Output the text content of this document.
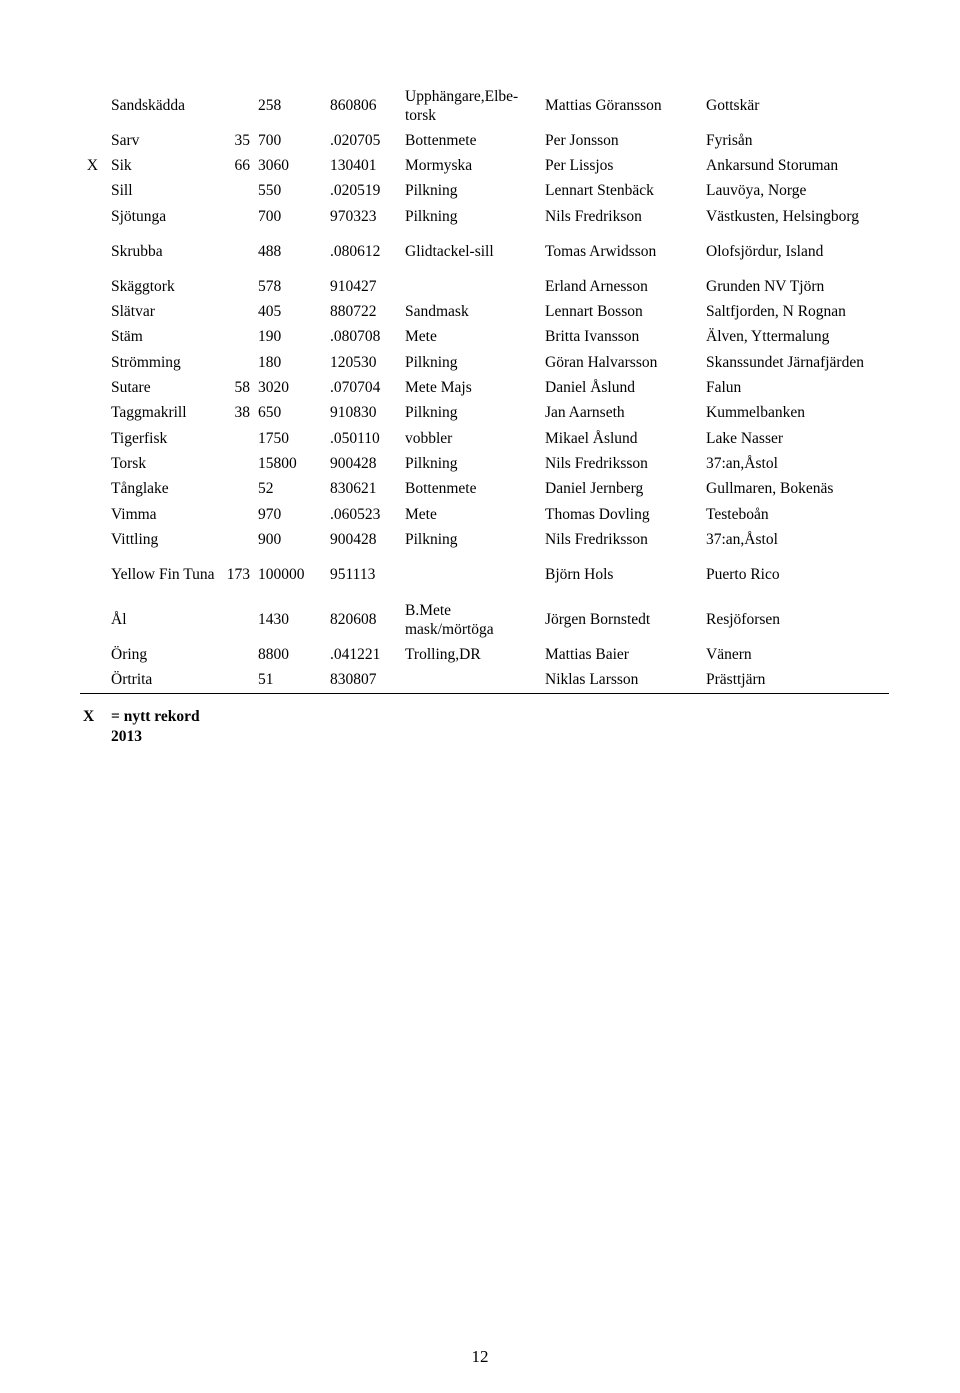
	Sandskädda		258	860806	Upphängare,Elbe-torsk	Mattias Göransson	Gottskär
	Sarv	35	700	.020705	Bottenmete	Per Jonsson	Fyrisån
X	Sik	66	3060	130401	Mormyska	Per Lissjos	Ankarsund Storuman
	Sill		550	.020519	Pilkning	Lennart Stenbäck	Lauvöya, Norge
	Sjötunga		700	970323	Pilkning	Nils Fredrikson	Västkusten, Helsingborg
	Skrubba		488	.080612	Glidtackel-sill	Tomas Arwidsson	Olofsjördur, Island
	Skäggtork		578	910427		Erland Arnesson	Grunden NV Tjörn
	Slätvar		405	880722	Sandmask	Lennart Bosson	Saltfjorden, N Rognan
	Stäm		190	.080708	Mete	Britta Ivansson	Älven, Yttermalung
	Strömming		180	120530	Pilkning	Göran Halvarsson	Skanssundet Järnafjärden
	Sutare	58	3020	.070704	Mete Majs	Daniel Åslund	Falun
	Taggmakrill	38	650	910830	Pilkning	Jan Aarnseth	Kummelbanken
	Tigerfisk		1750	.050110	vobbler	Mikael Åslund	Lake Nasser
	Torsk		15800	900428	Pilkning	Nils Fredriksson	37:an,Åstol
	Tånglake		52	830621	Bottenmete	Daniel Jernberg	Gullmaren, Bokenäs
	Vimma		970	.060523	Mete	Thomas Dovling	Testeboån
	Vittling		900	900428	Pilkning	Nils Fredriksson	37:an,Åstol
	Yellow Fin Tuna	173	100000	951113		Björn Hols	Puerto Rico
	Ål		1430	820608	B.Mete mask/mörtöga	Jörgen Bornstedt	Resjöforsen
	Öring		8800	.041221	Trolling,DR	Mattias Baier	Vänern
	Örtrita		51	830807		Niklas Larsson	Prästtjärn
X = nytt rekord 2013
12
